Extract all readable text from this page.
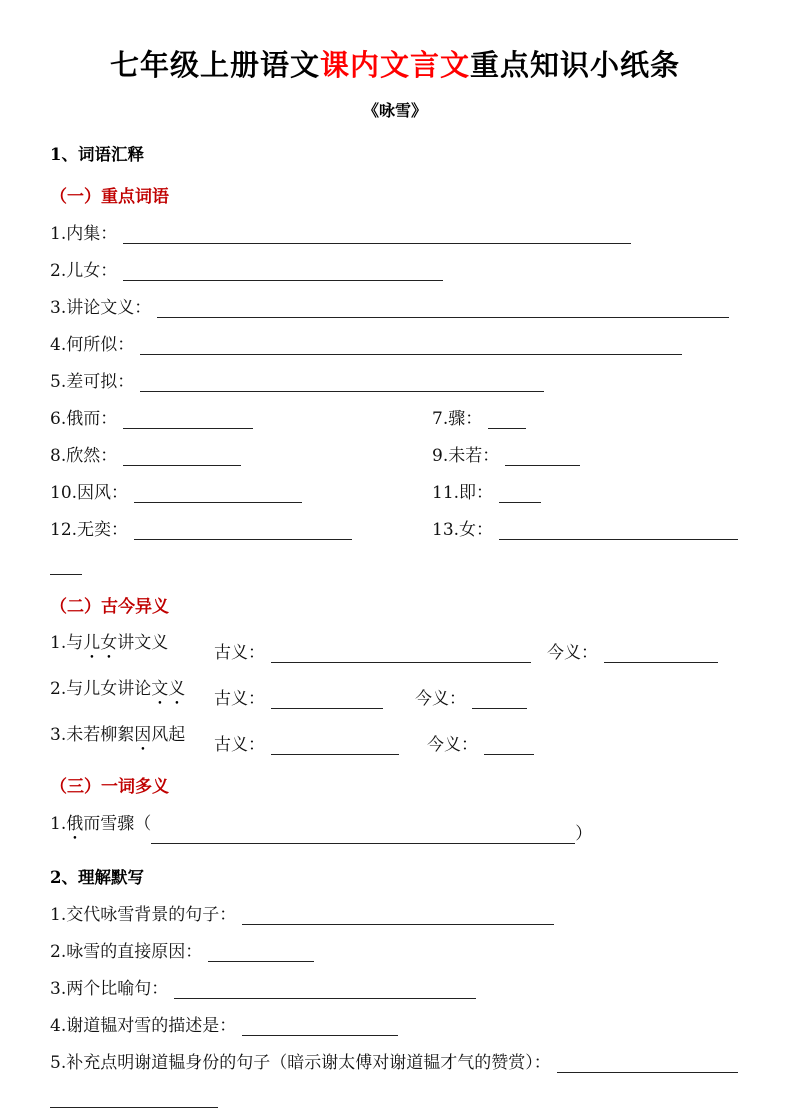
七年级上册语文课内文言文重点知识小纸条
《咏雪》
1、词语汇释
（一）重点词语
1.内集：
2.儿女：
3.讲论文义：
4.何所似：
5.差可拟：
6.俄而：	7.骤：
8.欣然：	9.未若：
10.因风：	11.即：
12.无奕：	13.女：
（二）古今异义
1.与儿女讲文义	古义：	今义：
2.与儿女讲论文义	古义：	今义：
3.未若柳絮因风起	古义：	今义：
（三）一词多义
1.俄而雪骤（	）
2、理解默写
1.交代咏雪背景的句子：
2.咏雪的直接原因：
3.两个比喻句：
4.谢道韫对雪的描述是：
5.补充点明谢道韫身份的句子（暗示谢太傅对谢道韫才气的赞赏）：
